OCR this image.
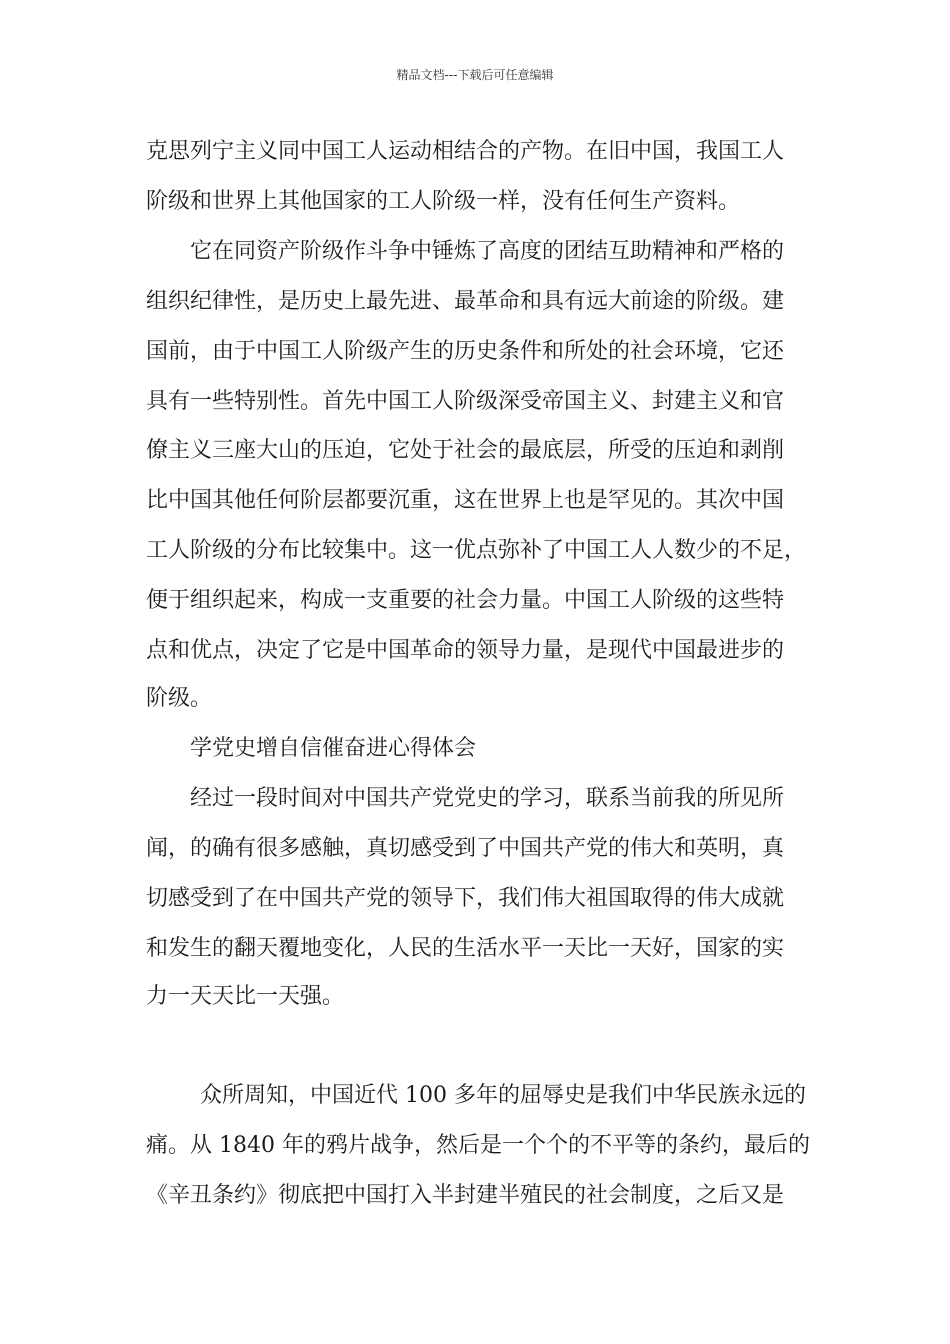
精品文档---下载后可任意编辑
克思列宁主义同中国工人运动相结合的产物。在旧中国，我国工人
阶级和世界上其他国家的工人阶级一样，没有任何生产资料。
它在同资产阶级作斗争中锤炼了高度的团结互助精神和严格的
组织纪律性，是历史上最先进、最革命和具有远大前途的阶级。建
国前，由于中国工人阶级产生的历史条件和所处的社会环境，它还
具有一些特别性。首先中国工人阶级深受帝国主义、封建主义和官
僚主义三座大山的压迫，它处于社会的最底层，所受的压迫和剥削
比中国其他任何阶层都要沉重，这在世界上也是罕见的。其次中国
工人阶级的分布比较集中。这一优点弥补了中国工人人数少的不足，
便于组织起来，构成一支重要的社会力量。中国工人阶级的这些特
点和优点，决定了它是中国革命的领导力量，是现代中国最进步的
阶级。
学党史增自信催奋进心得体会
经过一段时间对中国共产党党史的学习，联系当前我的所见所
闻，的确有很多感触，真切感受到了中国共产党的伟大和英明，真
切感受到了在中国共产党的领导下，我们伟大祖国取得的伟大成就
和发生的翻天覆地变化，人民的生活水平一天比一天好，国家的实
力一天天比一天强。
众所周知，中国近代 100 多年的屈辱史是我们中华民族永远的
痛。从 1840 年的鸦片战争，然后是一个个的不平等的条约，最后的
《辛丑条约》彻底把中国打入半封建半殖民的社会制度，之后又是
